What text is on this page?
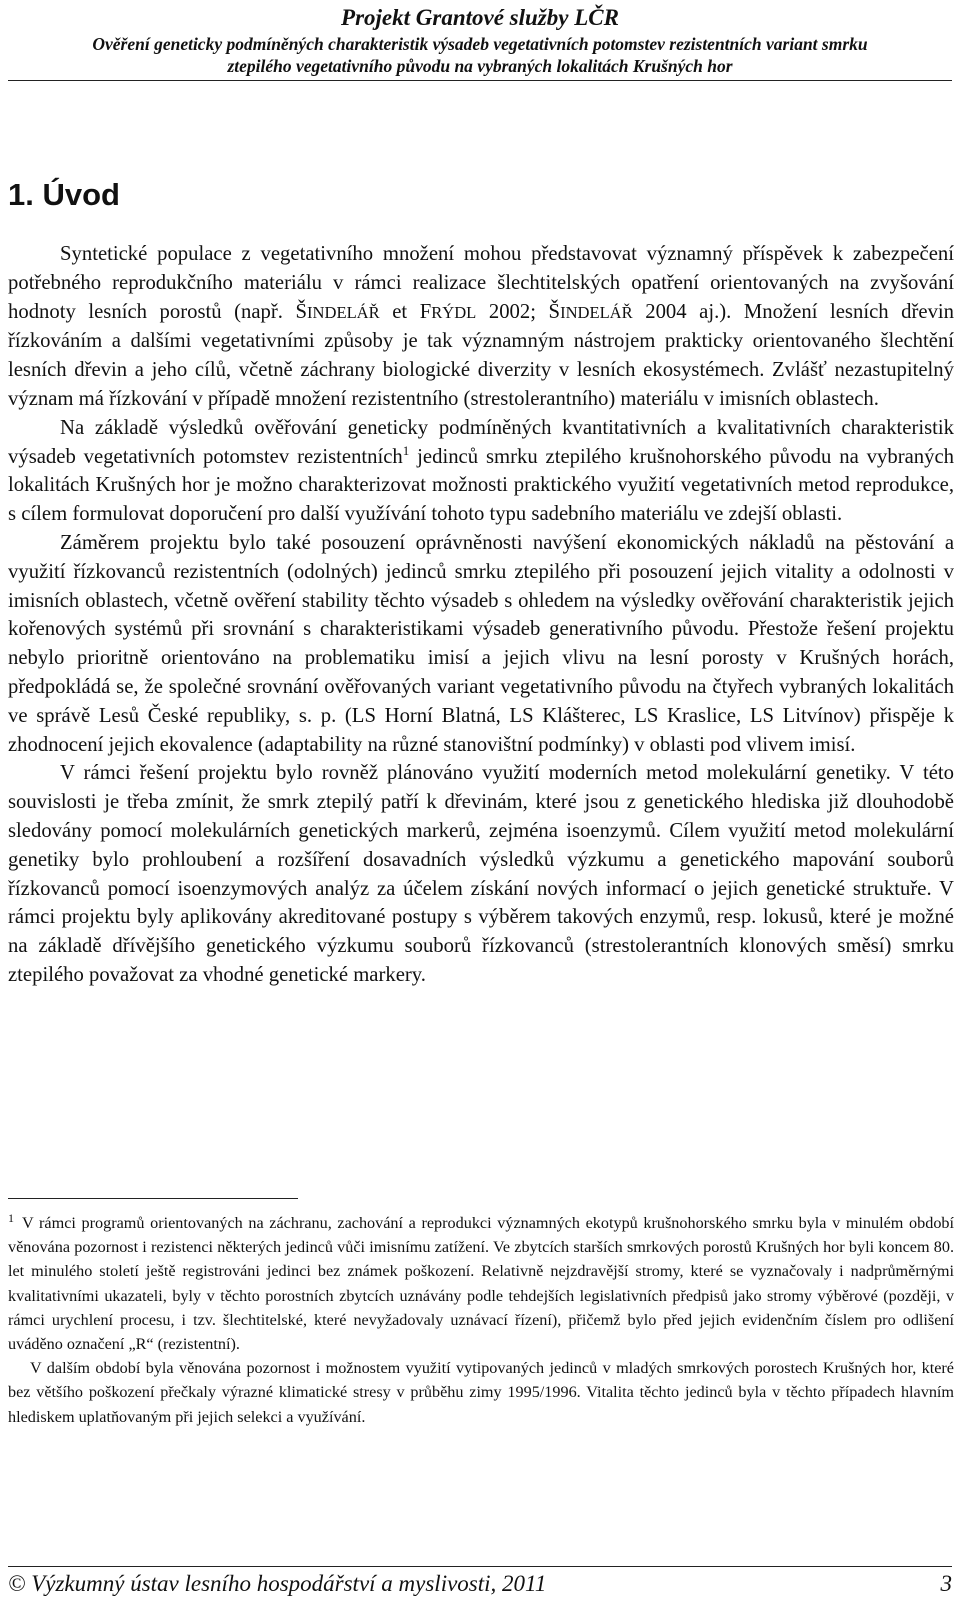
Projekt Grantové služby LČR
Ověření geneticky podmíněných charakteristik výsadeb vegetativních potomstev rezistentních variant smrku
ztepilého vegetativního původu na vybraných lokalitách Krušných hor
1. Úvod

Syntetické populace z vegetativního množení mohou představovat významný příspěvek k zabezpečení potřebného reprodukčního materiálu v rámci realizace šlechtitelských opatření orientovaných na zvyšování hodnoty lesních porostů (např. ŠINDELÁŘ et FRÝDL 2002; ŠINDELÁŘ 2004 aj.). Množení lesních dřevin řízkováním a dalšími vegetativními způsoby je tak významným nástrojem prakticky orientovaného šlechtění lesních dřevin a jeho cílů, včetně záchrany biologické diverzity v lesních ekosystémech. Zvlášť nezastupitelný význam má řízkování v případě množení rezistentního (strestolerantního) materiálu v imisních oblastech.

Na základě výsledků ověřování geneticky podmíněných kvantitativních a kvalitativních charakteristik výsadeb vegetativních potomstev rezistentních$^1$ jedinců smrku ztepilého krušnohorského původu na vybraných lokalitách Krušných hor je možno charakterizovat možnosti praktického využití vegetativních metod reprodukce, s cílem formulovat doporučení pro další využívání tohoto typu sadebního materiálu ve zdejší oblasti.

Záměrem projektu bylo také posouzení oprávněnosti navýšení ekonomických nákladů na pěstování a využití řízkovanců rezistentních (odolných) jedinců smrku ztepilého při posouzení jejich vitality a odolnosti v imisních oblastech, včetně ověření stability těchto výsadeb s ohledem na výsledky ověřování charakteristik jejich kořenových systémů při srovnání s charakteristikami výsadeb generativního původu. Přestože řešení projektu nebylo prioritně orientováno na problematiku imisí a jejich vlivu na lesní porosty v Krušných horách, předpokládá se, že společné srovnání ověřovaných variant vegetativního původu na čtyřech vybraných lokalitách ve správě Lesů České republiky, s. p. (LS Horní Blatná, LS Klášterec, LS Kraslice, LS Litvínov) přispěje k zhodnocení jejich ekovalence (adaptability na různé stanovištní podmínky) v oblasti pod vlivem imisí.

V rámci řešení projektu bylo rovněž plánováno využití moderních metod molekulární genetiky. V této souvislosti je třeba zmínit, že smrk ztepilý patří k dřevinám, které jsou z genetického hlediska již dlouhodobě sledovány pomocí molekulárních genetických markerů, zejména isoenzymů. Cílem využití metod molekulární genetiky bylo prohloubení a rozšíření dosavadních výsledků výzkumu a genetického mapování souborů řízkovanců pomocí isoenzymových analýz za účelem získání nových informací o jejich genetické struktuře. V rámci projektu byly aplikovány akreditované postupy s výběrem takových enzymů, resp. lokusů, které je možné na základě dřívějšího genetického výzkumu souborů řízkovanců (strestolerantních klonových směsí) smrku ztepilého považovat za vhodné genetické markery.

$^1$ V rámci programů orientovaných na záchranu, zachování a reprodukci významných ekotypů krušnohorského smrku byla v minulém období věnována pozornost i rezistenci některých jedinců vůči imisnímu zatížení. Ve zbytcích starších smrkových porostů Krušných hor byli koncem 80. let minulého století ještě registrováni jedinci bez známek poškození. Relativně nejzdravější stromy, které se vyznačovaly i nadprůměrnými kvalitativními ukazateli, byly v těchto porostních zbytcích uznávány podle tehdejších legislativních předpisů jako stromy výběrové (později, v rámci urychlení procesu, i tzv. šlechtitelské, které nevyžadovaly uznávací řízení), přičemž bylo před jejich evidenčním číslem pro odlišení uváděno označení „R“ (rezistentní).

V dalším období byla věnována pozornost i možnostem využití vytipovaných jedinců v mladých smrkových porostech Krušných hor, které bez většího poškození přečkaly výrazné klimatické stresy v průběhu zimy 1995/1996. Vitalita těchto jedinců byla v těchto případech hlavním hlediskem uplatňovaným při jejich selekci a využívání.

© Výzkumný ústav lesního hospodářství a myslivosti, 2011	3
